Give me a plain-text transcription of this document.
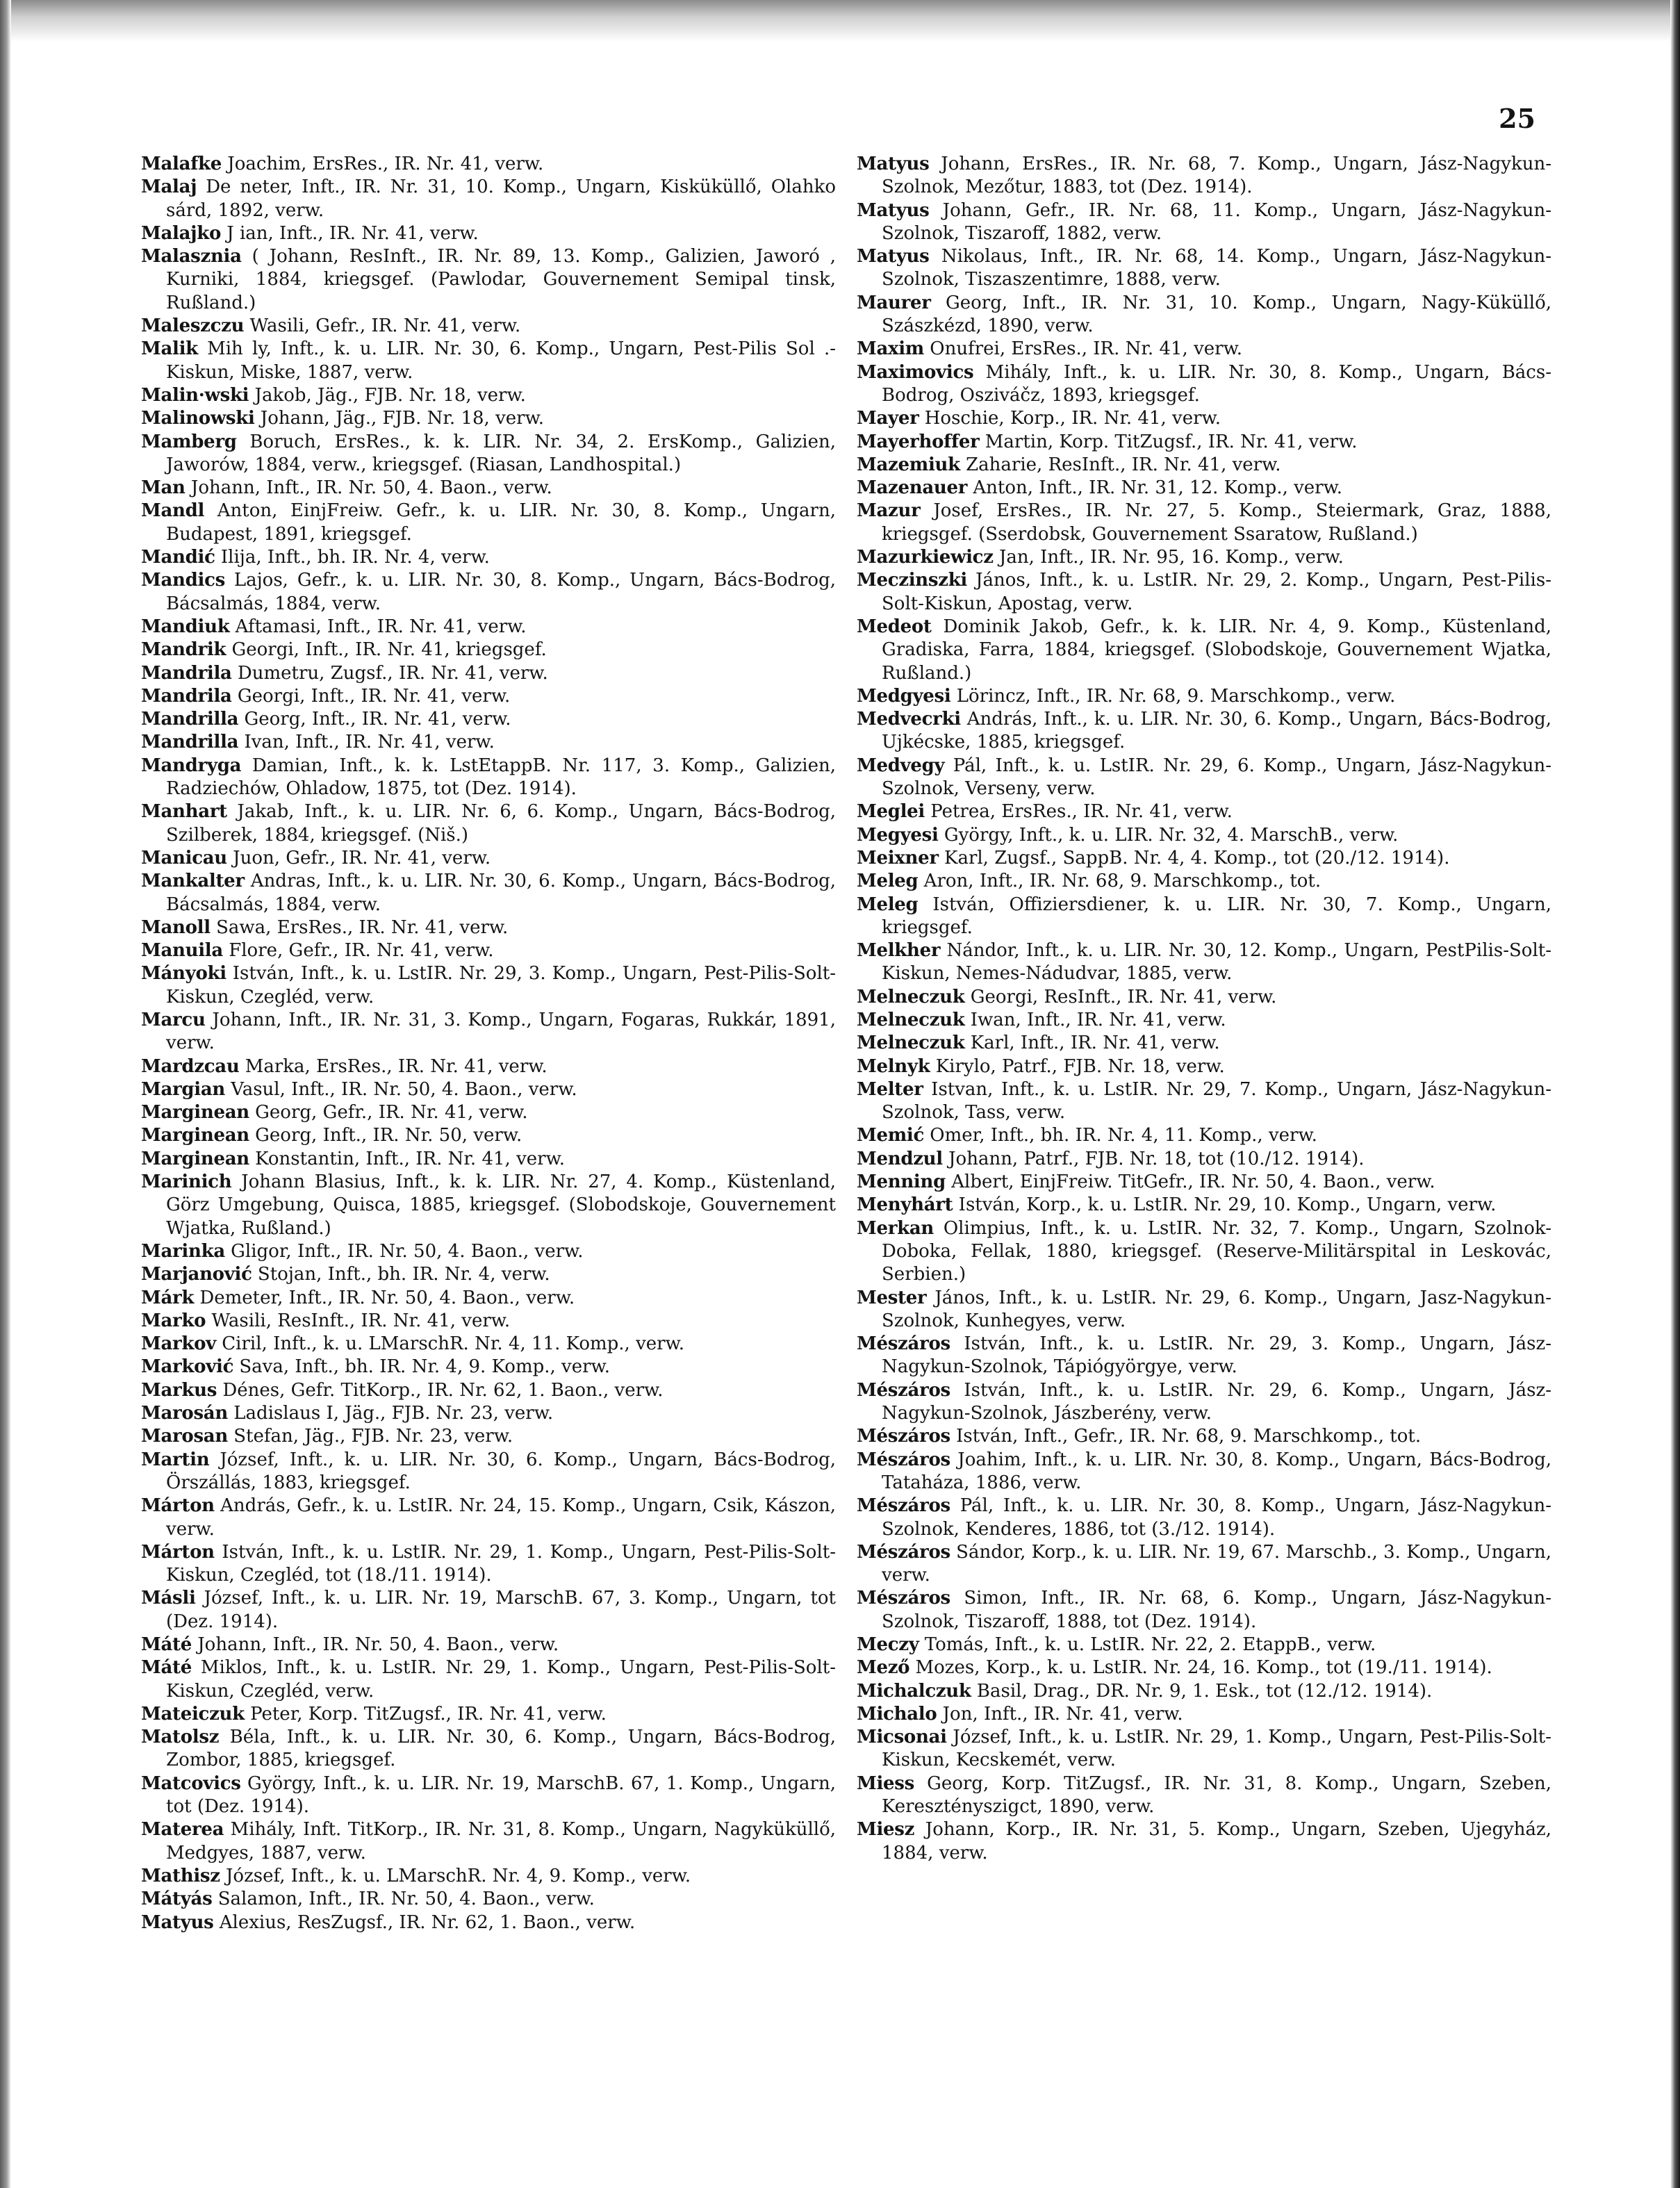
25

Malafke Joachim, ErsRes., IR. Nr. 41, verw.

Malaj De neter, Inft., IR. Nr. 31, 10. Komp., Ungarn, Kisküküllő, Olahko sárd, 1892, verw.

Malajko J ian, Inft., IR. Nr. 41, verw.

Malasznia ( Johann, ResInft., IR. Nr. 89, 13. Komp., Galizien, Jaworó , Kurniki, 1884, kriegsgef. (Pawlodar, Gouvernement Semipal tinsk, Rußland.)

Maleszczu Wasili, Gefr., IR. Nr. 41, verw.

Malik Mih ly, Inft., k. u. LIR. Nr. 30, 6. Komp., Ungarn, Pest-Pilis Sol .-Kiskun, Miske, 1887, verw.

Malin·wski Jakob, Jäg., FJB. Nr. 18, verw.

Malinowski Johann, Jäg., FJB. Nr. 18, verw.

Mamberg Boruch, ErsRes., k. k. LIR. Nr. 34, 2. ErsKomp., Galizien, Jaworów, 1884, verw., kriegsgef. (Riasan, Landhospital.)

Man Johann, Inft., IR. Nr. 50, 4. Baon., verw.

Mandl Anton, EinjFreiw. Gefr., k. u. LIR. Nr. 30, 8. Komp., Ungarn, Budapest, 1891, kriegsgef.

Mandić Ilija, Inft., bh. IR. Nr. 4, verw.

Mandics Lajos, Gefr., k. u. LIR. Nr. 30, 8. Komp., Ungarn, Bács-Bodrog, Bácsalmás, 1884, verw.

Mandiuk Aftamasi, Inft., IR. Nr. 41, verw.

Mandrik Georgi, Inft., IR. Nr. 41, kriegsgef.

Mandrila Dumetru, Zugsf., IR. Nr. 41, verw.

Mandrila Georgi, Inft., IR. Nr. 41, verw.

Mandrilla Georg, Inft., IR. Nr. 41, verw.

Mandrilla Ivan, Inft., IR. Nr. 41, verw.

Mandryga Damian, Inft., k. k. LstEtappB. Nr. 117, 3. Komp., Galizien, Radziechów, Ohladow, 1875, tot (Dez. 1914).

Manhart Jakab, Inft., k. u. LIR. Nr. 6, 6. Komp., Ungarn, Bács-Bodrog, Szilberek, 1884, kriegsgef. (Niš.)

Manicau Juon, Gefr., IR. Nr. 41, verw.

Mankalter Andras, Inft., k. u. LIR. Nr. 30, 6. Komp., Ungarn, Bács-Bodrog, Bácsalmás, 1884, verw.

Manoll Sawa, ErsRes., IR. Nr. 41, verw.

Manuila Flore, Gefr., IR. Nr. 41, verw.

Mányoki István, Inft., k. u. LstIR. Nr. 29, 3. Komp., Ungarn, Pest-Pilis-Solt-Kiskun, Czegléd, verw.

Marcu Johann, Inft., IR. Nr. 31, 3. Komp., Ungarn, Fogaras, Rukkár, 1891, verw.

Mardzcau Marka, ErsRes., IR. Nr. 41, verw.

Margian Vasul, Inft., IR. Nr. 50, 4. Baon., verw.

Marginean Georg, Gefr., IR. Nr. 41, verw.

Marginean Georg, Inft., IR. Nr. 50, verw.

Marginean Konstantin, Inft., IR. Nr. 41, verw.

Marinich Johann Blasius, Inft., k. k. LIR. Nr. 27, 4. Komp., Küstenland, Görz Umgebung, Quisca, 1885, kriegsgef. (Slobodskoje, Gouvernement Wjatka, Rußland.)

Marinka Gligor, Inft., IR. Nr. 50, 4. Baon., verw.

Marjanović Stojan, Inft., bh. IR. Nr. 4, verw.

Márk Demeter, Inft., IR. Nr. 50, 4. Baon., verw.

Marko Wasili, ResInft., IR. Nr. 41, verw.

Markov Ciril, Inft., k. u. LMarschR. Nr. 4, 11. Komp., verw.

Marković Sava, Inft., bh. IR. Nr. 4, 9. Komp., verw.

Markus Dénes, Gefr. TitKorp., IR. Nr. 62, 1. Baon., verw.

Marosán Ladislaus I, Jäg., FJB. Nr. 23, verw.

Marosan Stefan, Jäg., FJB. Nr. 23, verw.

Martin József, Inft., k. u. LIR. Nr. 30, 6. Komp., Ungarn, Bács-Bodrog, Örszállás, 1883, kriegsgef.

Márton András, Gefr., k. u. LstIR. Nr. 24, 15. Komp., Ungarn, Csik, Kászon, verw.

Márton István, Inft., k. u. LstIR. Nr. 29, 1. Komp., Ungarn, Pest-Pilis-Solt-Kiskun, Czegléd, tot (18./11. 1914).

Másli József, Inft., k. u. LIR. Nr. 19, MarschB. 67, 3. Komp., Ungarn, tot (Dez. 1914).

Máté Johann, Inft., IR. Nr. 50, 4. Baon., verw.

Máté Miklos, Inft., k. u. LstIR. Nr. 29, 1. Komp., Ungarn, Pest-Pilis-Solt-Kiskun, Czegléd, verw.

Mateiczuk Peter, Korp. TitZugsf., IR. Nr. 41, verw.

Matolsz Béla, Inft., k. u. LIR. Nr. 30, 6. Komp., Ungarn, Bács-Bodrog, Zombor, 1885, kriegsgef.

Matcovics György, Inft., k. u. LIR. Nr. 19, MarschB. 67, 1. Komp., Ungarn, tot (Dez. 1914).

Materea Mihály, Inft. TitKorp., IR. Nr. 31, 8. Komp., Ungarn, Nagyküküllő, Medgyes, 1887, verw.

Mathisz József, Inft., k. u. LMarschR. Nr. 4, 9. Komp., verw.

Mátyás Salamon, Inft., IR. Nr. 50, 4. Baon., verw.

Matyus Alexius, ResZugsf., IR. Nr. 62, 1. Baon., verw.

Matyus Johann, ErsRes., IR. Nr. 68, 7. Komp., Ungarn, Jász-Nagykun-Szolnok, Mezőtur, 1883, tot (Dez. 1914).

Matyus Johann, Gefr., IR. Nr. 68, 11. Komp., Ungarn, Jász-Nagykun-Szolnok, Tiszaroff, 1882, verw.

Matyus Nikolaus, Inft., IR. Nr. 68, 14. Komp., Ungarn, Jász-Nagykun-Szolnok, Tiszaszentimre, 1888, verw.

Maurer Georg, Inft., IR. Nr. 31, 10. Komp., Ungarn, Nagy-Küküllő, Szászkézd, 1890, verw.

Maxim Onufrei, ErsRes., IR. Nr. 41, verw.

Maximovics Mihály, Inft., k. u. LIR. Nr. 30, 8. Komp., Ungarn, Bács-Bodrog, Osziváčz, 1893, kriegsgef.

Mayer Hoschie, Korp., IR. Nr. 41, verw.

Mayerhoffer Martin, Korp. TitZugsf., IR. Nr. 41, verw.

Mazemiuk Zaharie, ResInft., IR. Nr. 41, verw.

Mazenauer Anton, Inft., IR. Nr. 31, 12. Komp., verw.

Mazur Josef, ErsRes., IR. Nr. 27, 5. Komp., Steiermark, Graz, 1888, kriegsgef. (Sserdobsk, Gouvernement Ssaratow, Rußland.)

Mazurkiewicz Jan, Inft., IR. Nr. 95, 16. Komp., verw.

Meczinszki János, Inft., k. u. LstIR. Nr. 29, 2. Komp., Ungarn, Pest-Pilis-Solt-Kiskun, Apostag, verw.

Medeot Dominik Jakob, Gefr., k. k. LIR. Nr. 4, 9. Komp., Küstenland, Gradiska, Farra, 1884, kriegsgef. (Slobodskoje, Gouvernement Wjatka, Rußland.)

Medgyesi Lörincz, Inft., IR. Nr. 68, 9. Marschkomp., verw.

Medvecrki András, Inft., k. u. LIR. Nr. 30, 6. Komp., Ungarn, Bács-Bodrog, Ujkécske, 1885, kriegsgef.

Medvegy Pál, Inft., k. u. LstIR. Nr. 29, 6. Komp., Ungarn, Jász-Nagykun-Szolnok, Verseny, verw.

Meglei Petrea, ErsRes., IR. Nr. 41, verw.

Megyesi György, Inft., k. u. LIR. Nr. 32, 4. MarschB., verw.

Meixner Karl, Zugsf., SappB. Nr. 4, 4. Komp., tot (20./12. 1914).

Meleg Aron, Inft., IR. Nr. 68, 9. Marschkomp., tot.

Meleg István, Offiziersdiener, k. u. LIR. Nr. 30, 7. Komp., Ungarn, kriegsgef.

Melkher Nándor, Inft., k. u. LIR. Nr. 30, 12. Komp., Ungarn, PestPilis-Solt-Kiskun, Nemes-Nádudvar, 1885, verw.

Melneczuk Georgi, ResInft., IR. Nr. 41, verw.

Melneczuk Iwan, Inft., IR. Nr. 41, verw.

Melneczuk Karl, Inft., IR. Nr. 41, verw.

Melnyk Kirylo, Patrf., FJB. Nr. 18, verw.

Melter Istvan, Inft., k. u. LstIR. Nr. 29, 7. Komp., Ungarn, Jász-Nagykun-Szolnok, Tass, verw.

Memić Omer, Inft., bh. IR. Nr. 4, 11. Komp., verw.

Mendzul Johann, Patrf., FJB. Nr. 18, tot (10./12. 1914).

Menning Albert, EinjFreiw. TitGefr., IR. Nr. 50, 4. Baon., verw.

Menyhárt István, Korp., k. u. LstIR. Nr. 29, 10. Komp., Ungarn, verw.

Merkan Olimpius, Inft., k. u. LstIR. Nr. 32, 7. Komp., Ungarn, Szolnok-Doboka, Fellak, 1880, kriegsgef. (Reserve-Militärspital in Leskovác, Serbien.)

Mester János, Inft., k. u. LstIR. Nr. 29, 6. Komp., Ungarn, Jasz-Nagykun-Szolnok, Kunhegyes, verw.

Mészáros István, Inft., k. u. LstIR. Nr. 29, 3. Komp., Ungarn, Jász-Nagykun-Szolnok, Tápiógyörgye, verw.

Mészáros István, Inft., k. u. LstIR. Nr. 29, 6. Komp., Ungarn, Jász-Nagykun-Szolnok, Jászberény, verw.

Mészáros István, Inft., Gefr., IR. Nr. 68, 9. Marschkomp., tot.

Mészáros Joahim, Inft., k. u. LIR. Nr. 30, 8. Komp., Ungarn, Bács-Bodrog, Tataháza, 1886, verw.

Mészáros Pál, Inft., k. u. LIR. Nr. 30, 8. Komp., Ungarn, Jász-Nagykun-Szolnok, Kenderes, 1886, tot (3./12. 1914).

Mészáros Sándor, Korp., k. u. LIR. Nr. 19, 67. Marschb., 3. Komp., Ungarn, verw.

Mészáros Simon, Inft., IR. Nr. 68, 6. Komp., Ungarn, Jász-Nagykun-Szolnok, Tiszaroff, 1888, tot (Dez. 1914).

Meczy Tomás, Inft., k. u. LstIR. Nr. 22, 2. EtappB., verw.

Mező Mozes, Korp., k. u. LstIR. Nr. 24, 16. Komp., tot (19./11. 1914).

Michalczuk Basil, Drag., DR. Nr. 9, 1. Esk., tot (12./12. 1914).

Michalo Jon, Inft., IR. Nr. 41, verw.

Micsonai József, Inft., k. u. LstIR. Nr. 29, 1. Komp., Ungarn, Pest-Pilis-Solt-Kiskun, Kecskemét, verw.

Miess Georg, Korp. TitZugsf., IR. Nr. 31, 8. Komp., Ungarn, Szeben, Keresztényszigct, 1890, verw.

Miesz Johann, Korp., IR. Nr. 31, 5. Komp., Ungarn, Szeben, Ujegyház, 1884, verw.
